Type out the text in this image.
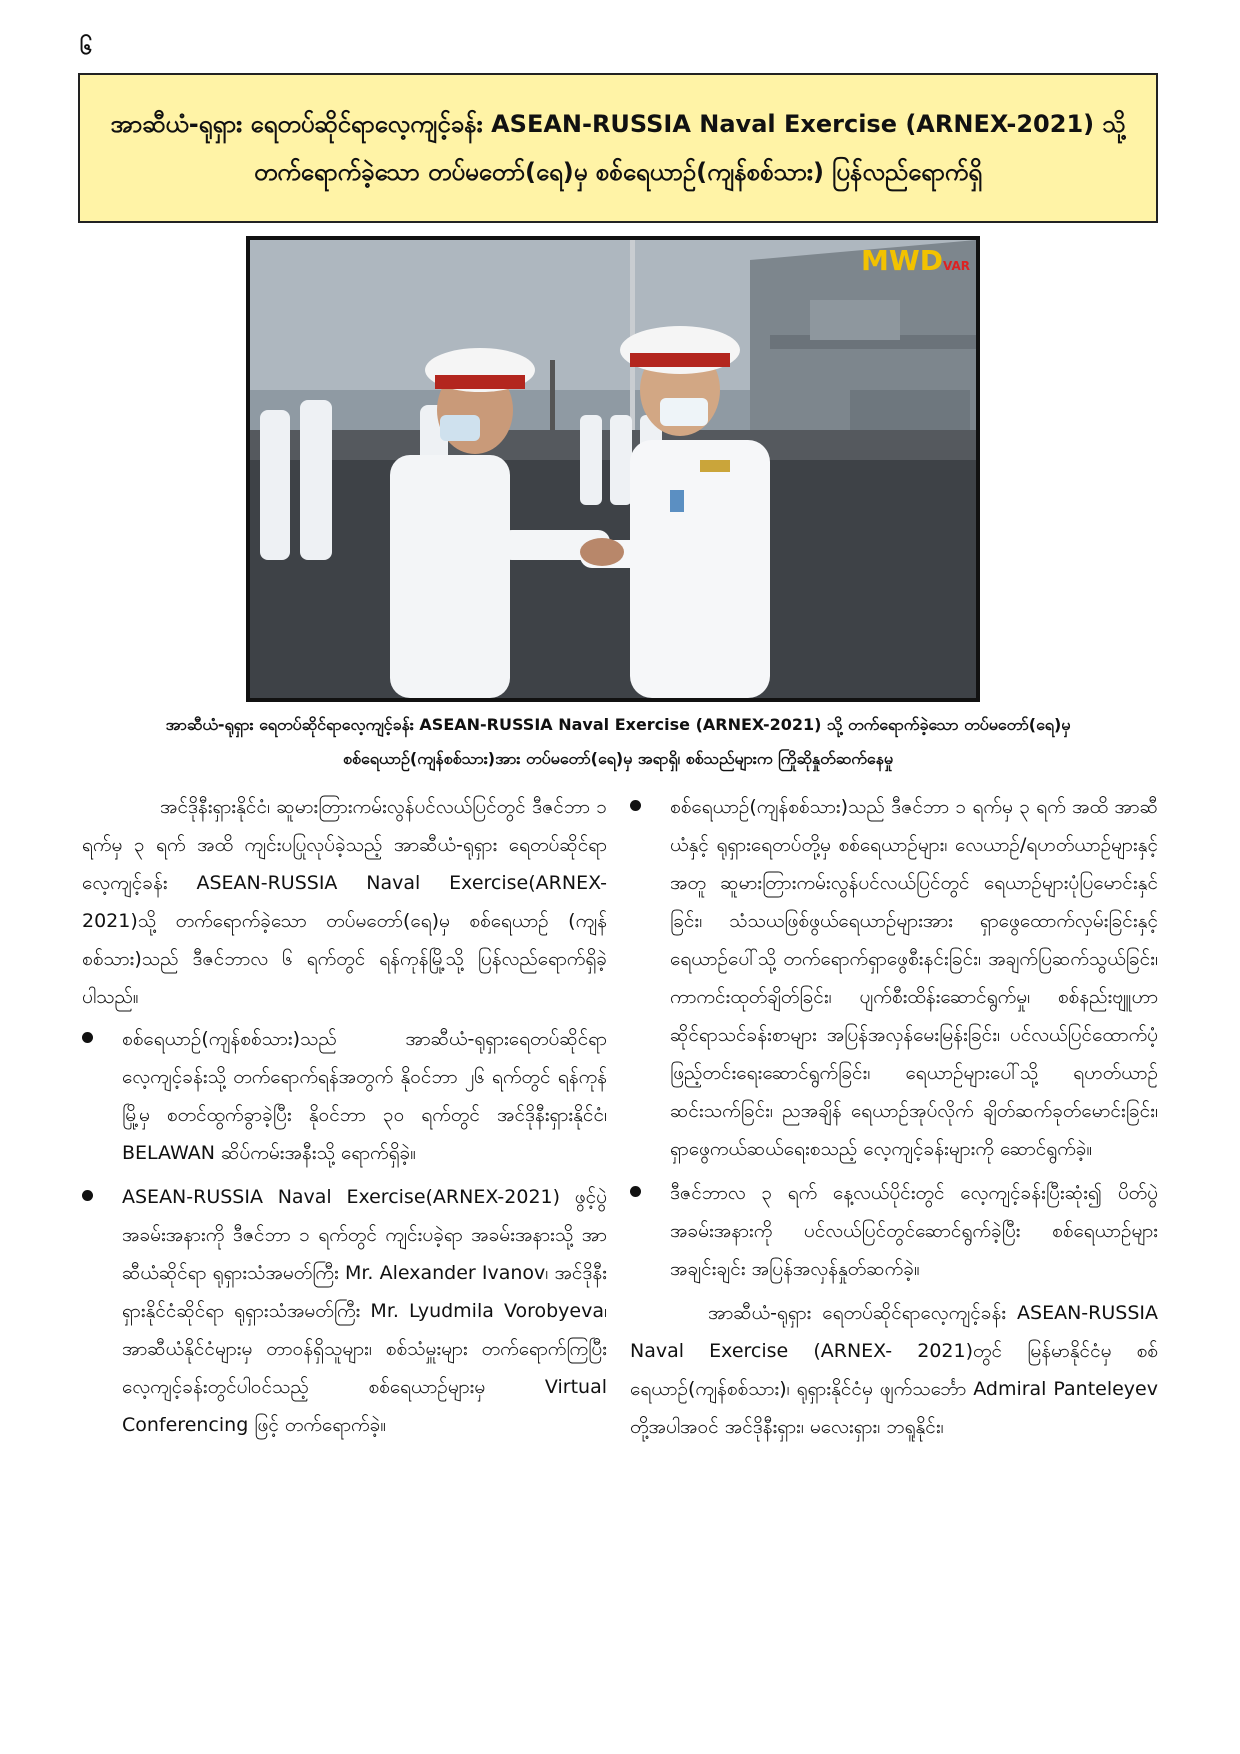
၆
အာဆီယံ-ရုရှား ရေတပ်ဆိုင်ရာလေ့ကျင့်ခန်း ASEAN-RUSSIA Naval Exercise (ARNEX-2021) သို့
တက်ရောက်ခဲ့သော တပ်မတော်(ရေ)မှ စစ်ရေယာဉ်(ကျန်စစ်သား) ပြန်လည်ရောက်ရှိ
MWD VAR
အာဆီယံ-ရုရှား ရေတပ်ဆိုင်ရာလေ့ကျင့်ခန်း ASEAN-RUSSIA Naval Exercise (ARNEX-2021) သို့ တက်ရောက်ခဲ့သော တပ်မတော်(ရေ)မှ
စစ်ရေယာဉ်(ကျန်စစ်သား)အား တပ်မတော်(ရေ)မှ အရာရှိ၊ စစ်သည်များက ကြိုဆိုနှုတ်ဆက်နေမှု

အင်ဒိုနီးရှားနိုင်ငံ၊ ဆူမားတြားကမ်းလွန်ပင်လယ်ပြင်တွင် ဒီဇင်ဘာ ၁ ရက်မှ ၃ ရက် အထိ ကျင်းပပြုလုပ်ခဲ့သည့် အာဆီယံ-ရုရှား ရေတပ်ဆိုင်ရာလေ့ကျင့်ခန်း ASEAN-RUSSIA Naval Exercise(ARNEX-2021)သို့ တက်ရောက်ခဲ့သော တပ်မတော်(ရေ)မှ စစ်ရေယာဉ် (ကျန်စစ်သား)သည် ဒီဇင်ဘာလ ၆ ရက်တွင် ရန်ကုန်မြို့သို့ ပြန်လည်ရောက်ရှိခဲ့ပါသည်။

စစ်ရေယာဉ်(ကျန်စစ်သား)သည် အာဆီယံ-ရုရှားရေတပ်ဆိုင်ရာ လေ့ကျင့်ခန်းသို့ တက်ရောက်ရန်အတွက် နိုဝင်ဘာ ၂၆ ရက်တွင် ရန်ကုန်မြို့မှ စတင်ထွက်ခွာခဲ့ပြီး နိုဝင်ဘာ ၃၀ ရက်တွင် အင်ဒိုနီးရှားနိုင်ငံ၊ BELAWAN ဆိပ်ကမ်းအနီးသို့ ရောက်ရှိခဲ့။
ASEAN-RUSSIA Naval Exercise(ARNEX-2021) ဖွင့်ပွဲ အခမ်းအနားကို ဒီဇင်ဘာ ၁ ရက်တွင် ကျင်းပခဲ့ရာ အခမ်းအနားသို့ အာဆီယံဆိုင်ရာ ရုရှားသံအမတ်ကြီး Mr. Alexander Ivanov၊ အင်ဒိုနီးရှားနိုင်ငံဆိုင်ရာ ရုရှားသံအမတ်ကြီး Mr. Lyudmila Vorobyeva၊ အာဆီယံနိုင်ငံများမှ တာဝန်ရှိသူများ၊ စစ်သံမှူးများ တက်ရောက်ကြပြီး လေ့ကျင့်ခန်းတွင်ပါဝင်သည့် စစ်ရေယာဉ်များမှ Virtual Conferencing ဖြင့် တက်ရောက်ခဲ့။
စစ်ရေယာဉ်(ကျန်စစ်သား)သည် ဒီဇင်ဘာ ၁ ရက်မှ ၃ ရက် အထိ အာဆီယံနှင့် ရုရှားရေတပ်တို့မှ စစ်ရေယာဉ်များ၊ လေယာဉ်/ရဟတ်ယာဉ်များနှင့်အတူ ဆူမားတြားကမ်းလွန်ပင်လယ်ပြင်တွင် ရေယာဉ်များပုံပြမောင်းနှင်ခြင်း၊ သံသယဖြစ်ဖွယ်ရေယာဉ်များအား ရှာဖွေထောက်လှမ်းခြင်းနှင့် ရေယာဉ်ပေါ်သို့ တက်ရောက်ရှာဖွေစီးနင်းခြင်း၊ အချက်ပြဆက်သွယ်ခြင်း၊ ကာကင်းထုတ်ချိတ်ခြင်း၊ ပျက်စီးထိန်းဆောင်ရွက်မှု၊ စစ်နည်းဗျူဟာဆိုင်ရာသင်ခန်းစာများ အပြန်အလှန်မေးမြန်းခြင်း၊ ပင်လယ်ပြင်ထောက်ပံ့ဖြည့်တင်းရေးဆောင်ရွက်ခြင်း၊ ရေယာဉ်များပေါ်သို့ ရဟတ်ယာဉ်ဆင်းသက်ခြင်း၊ ညအချိန် ရေယာဉ်အုပ်လိုက် ချိတ်ဆက်ခုတ်မောင်းခြင်း၊ ရှာဖွေကယ်ဆယ်ရေးစသည့် လေ့ကျင့်ခန်းများကို ဆောင်ရွက်ခဲ့။
ဒီဇင်ဘာလ ၃ ရက် နေ့လယ်ပိုင်းတွင် လေ့ကျင့်ခန်းပြီးဆုံး၍ ပိတ်ပွဲအခမ်းအနားကို ပင်လယ်ပြင်တွင်ဆောင်ရွက်ခဲ့ပြီး စစ်ရေယာဉ်များအချင်းချင်း အပြန်အလှန်နှုတ်ဆက်ခဲ့။

အာဆီယံ-ရုရှား ရေတပ်ဆိုင်ရာလေ့ကျင့်ခန်း ASEAN-RUSSIA Naval Exercise (ARNEX- 2021)တွင် မြန်မာနိုင်ငံမှ စစ်ရေယာဉ်(ကျန်စစ်သား)၊ ရုရှားနိုင်ငံမှ ဖျက်သင်္ဘော Admiral Panteleyev တို့အပါအဝင် အင်ဒိုနီးရှား၊ မလေးရှား၊ ဘရူနိုင်း၊
